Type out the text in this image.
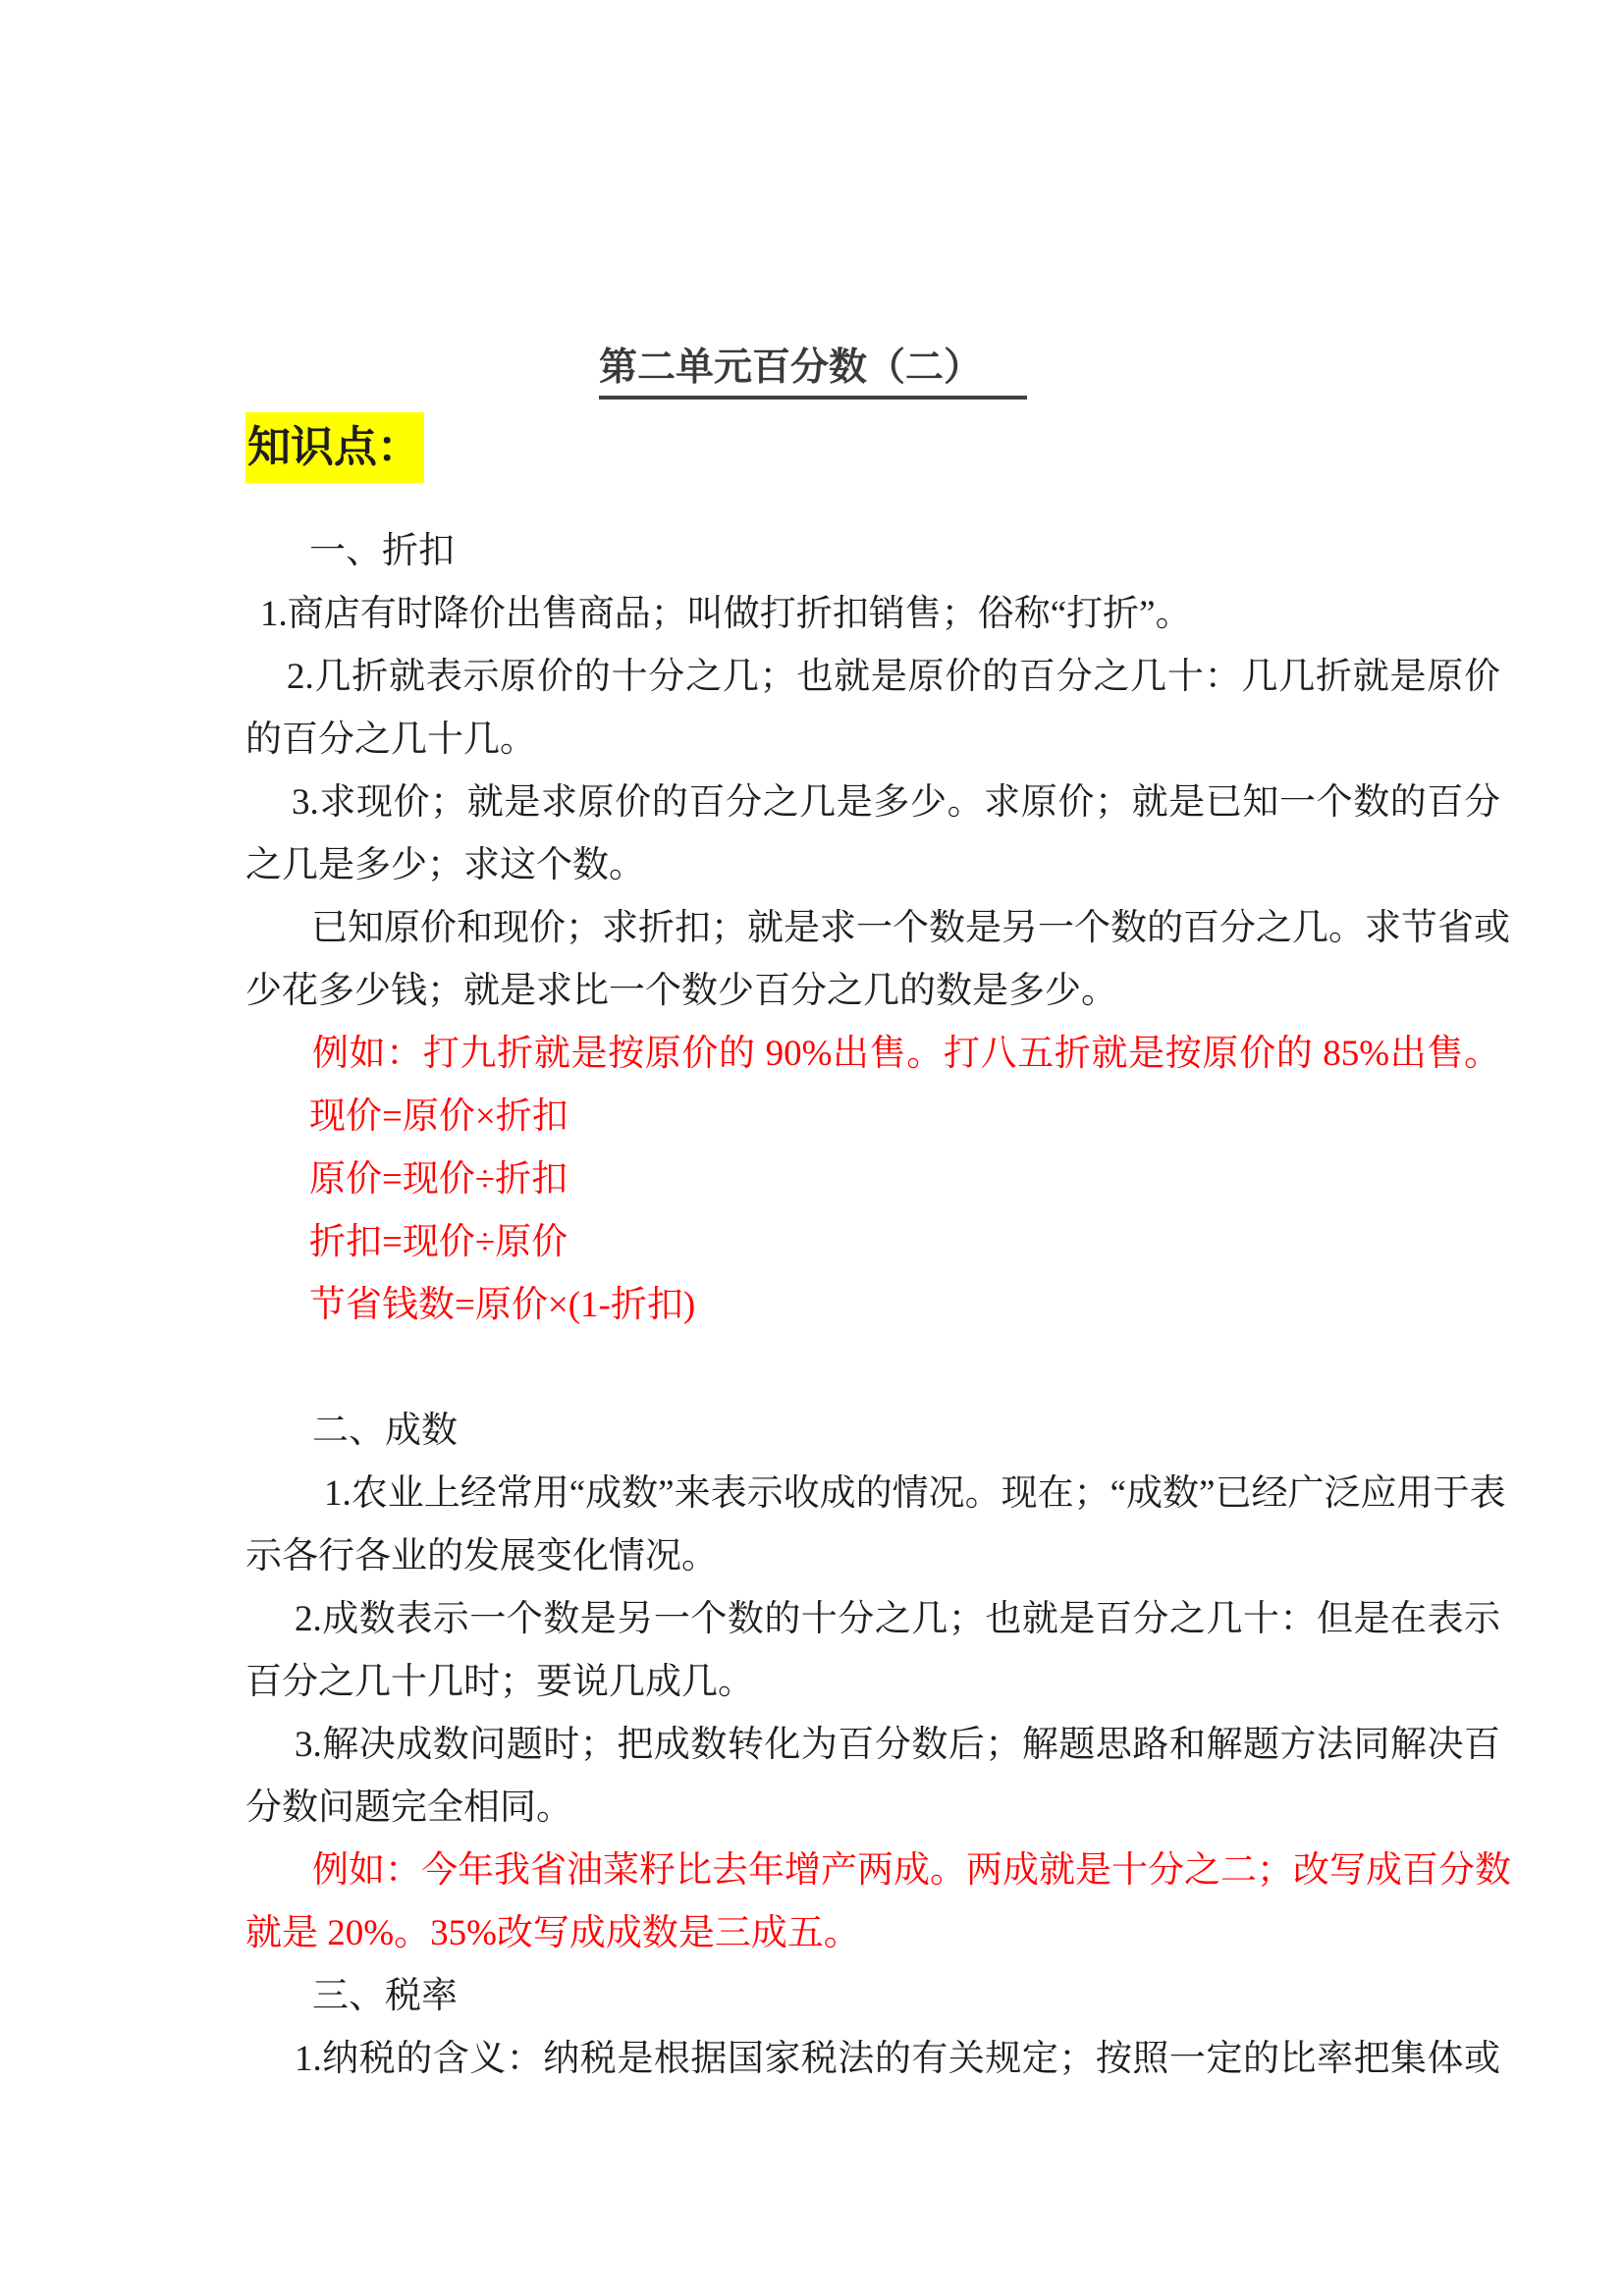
第二单元百分数（二）
知识点：
一、折扣
1.商店有时降价出售商品；叫做打折扣销售；俗称“打折”。
2.几折就表示原价的十分之几；也就是原价的百分之几十：几几折就是原价
的百分之几十几。
3.求现价；就是求原价的百分之几是多少。求原价；就是已知一个数的百分
之几是多少；求这个数。
已知原价和现价；求折扣；就是求一个数是另一个数的百分之几。求节省或
少花多少钱；就是求比一个数少百分之几的数是多少。
例如：打九折就是按原价的 90%出售。打八五折就是按原价的 85%出售。
现价=原价×折扣
原价=现价÷折扣
折扣=现价÷原价
节省钱数=原价×(1-折扣)
二、成数
1.农业上经常用“成数”来表示收成的情况。现在；“成数”已经广泛应用于表
示各行各业的发展变化情况。
2.成数表示一个数是另一个数的十分之几；也就是百分之几十：但是在表示
百分之几十几时；要说几成几。
3.解决成数问题时；把成数转化为百分数后；解题思路和解题方法同解决百
分数问题完全相同。
例如：今年我省油菜籽比去年增产两成。两成就是十分之二；改写成百分数
就是 20%。35%改写成成数是三成五。
三、税率
1.纳税的含义：纳税是根据国家税法的有关规定；按照一定的比率把集体或
